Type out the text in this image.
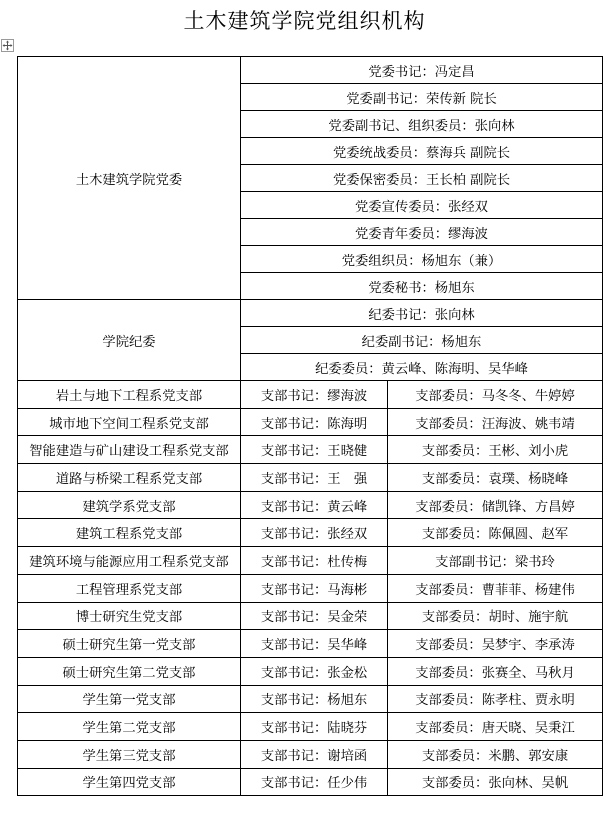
土木建筑学院党组织机构
土木建筑学院党委	党委书记：冯定昌	
	党委副书记：荣传新 院长	
	党委副书记、组织委员：张向林	
	党委统战委员：蔡海兵 副院长	
	党委保密委员：王长柏 副院长	
	党委宣传委员：张经双	
	党委青年委员：缪海波	
	党委组织员：杨旭东（兼）	
	党委秘书：杨旭东	
学院纪委	纪委书记：张向林	
	纪委副书记：杨旭东	
	纪委委员：黄云峰、陈海明、吴华峰	
岩土与地下工程系党支部	支部书记：缪海波	支部委员：马冬冬、牛婷婷
城市地下空间工程系党支部	支部书记：陈海明	支部委员：汪海波、姚韦靖
智能建造与矿山建设工程系党支部	支部书记：王晓健	支部委员：王彬、刘小虎
道路与桥梁工程系党支部	支部书记：王　强	支部委员：袁璞、杨晓峰
建筑学系党支部	支部书记：黄云峰	支部委员：储凯锋、方昌婷
建筑工程系党支部	支部书记：张经双	支部委员：陈佩圆、赵军
建筑环境与能源应用工程系党支部	支部书记：杜传梅	支部副书记：梁书玲
工程管理系党支部	支部书记：马海彬	支部委员：曹菲菲、杨建伟
博士研究生党支部	支部书记：吴金荣	支部委员：胡时、施宇航
硕士研究生第一党支部	支部书记：吴华峰	支部委员：吴梦宇、李承涛
硕士研究生第二党支部	支部书记：张金松	支部委员：张赛全、马秋月
学生第一党支部	支部书记：杨旭东	支部委员：陈孝柱、贾永明
学生第二党支部	支部书记：陆晓芬	支部委员：唐天晓、吴秉江
学生第三党支部	支部书记：谢培函	支部委员：米鹏、郭安康
学生第四党支部	支部书记：任少伟	支部委员：张向林、吴帆
